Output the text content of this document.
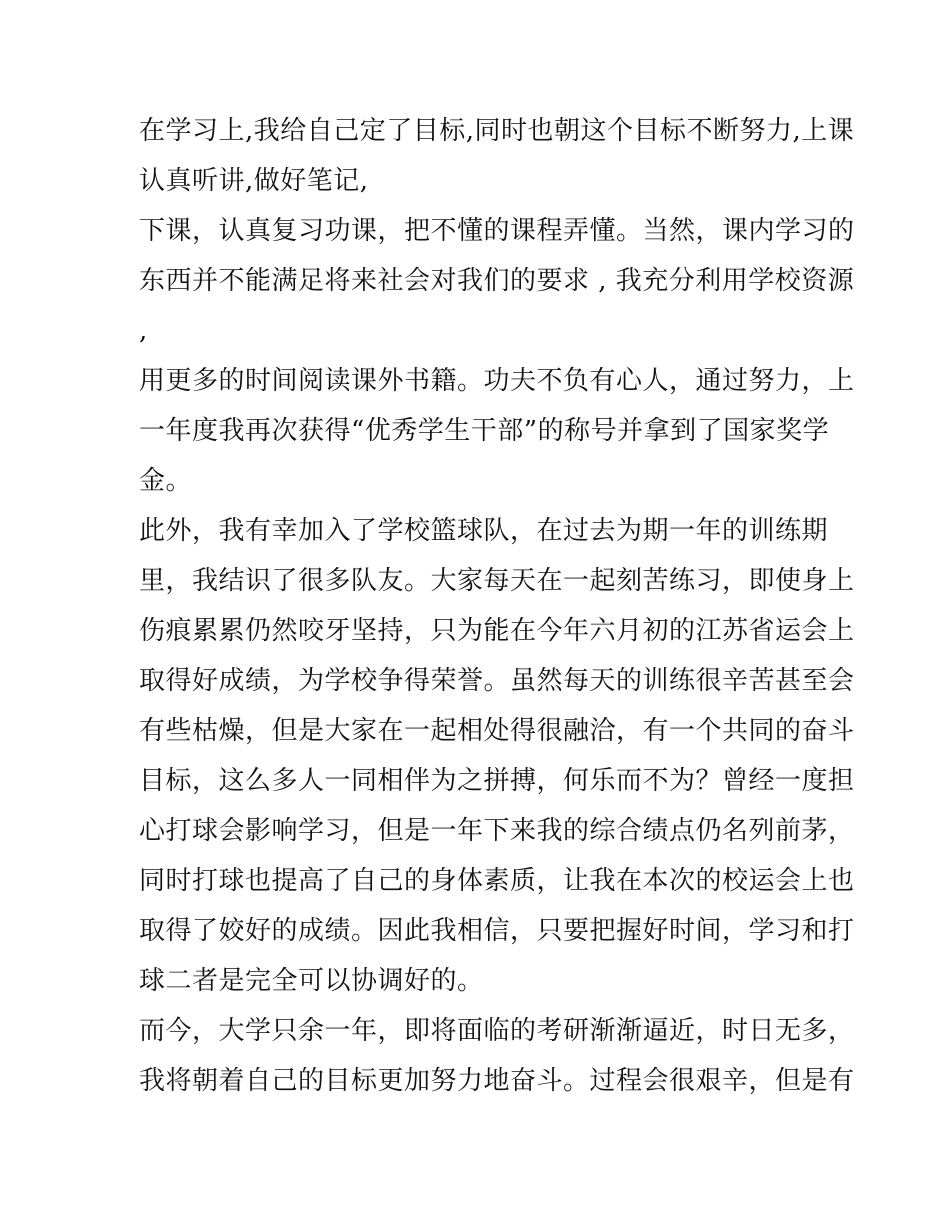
在学习上,我给自己定了目标,同时也朝这个目标不断努力,上课
认真听讲,做好笔记,
下课，认真复习功课，把不懂的课程弄懂。当然，课内学习的
东西并不能满足将来社会对我们的要求 , 我充分利用学校资源
,
用更多的时间阅读课外书籍。功夫不负有心人，通过努力，上
一年度我再次获得“优秀学生干部”的称号并拿到了国家奖学
金。
此外，我有幸加入了学校篮球队，在过去为期一年的训练期
里，我结识了很多队友。大家每天在一起刻苦练习，即使身上
伤痕累累仍然咬牙坚持，只为能在今年六月初的江苏省运会上
取得好成绩，为学校争得荣誉。虽然每天的训练很辛苦甚至会
有些枯燥，但是大家在一起相处得很融洽，有一个共同的奋斗
目标，这么多人一同相伴为之拼搏，何乐而不为？曾经一度担
心打球会影响学习，但是一年下来我的综合绩点仍名列前茅，
同时打球也提高了自己的身体素质，让我在本次的校运会上也
取得了姣好的成绩。因此我相信，只要把握好时间，学习和打
球二者是完全可以协调好的。
而今，大学只余一年，即将面临的考研渐渐逼近，时日无多，
我将朝着自己的目标更加努力地奋斗。过程会很艰辛，但是有
